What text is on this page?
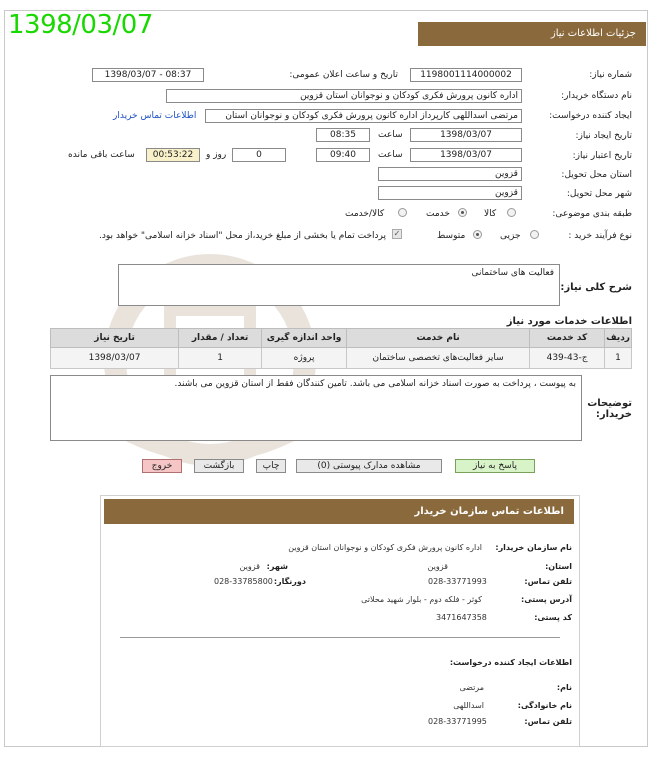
1398/03/07	جزئیات اطلاعات نیاز
شماره نیاز:
1198001114000002
تاریخ و ساعت اعلان عمومی:
1398/03/07 - 08:37
نام دستگاه خریدار:
اداره کانون پرورش فکری کودکان و نوجوانان استان قزوین
ایجاد کننده درخواست:
مرتضی اسداللهی کارپرداز اداره کانون پرورش فکری کودکان و نوجوانان استان
اطلاعات تماس خریدار
تاریخ ایجاد نیاز:
1398/03/07
ساعت
08:35
تاریخ اعتبار نیاز:
1398/03/07
ساعت
09:40
0
روز و
00:53:22
ساعت باقی مانده
استان محل تحویل:
قزوین
شهر محل تحویل:
قزوین
طبقه بندی موضوعی:
کالا
خدمت
کالا/خدمت
نوع فرآیند خرید :
جزیی
متوسط
✓
پرداخت تمام یا بخشی از مبلغ خرید،از محل "اسناد خزانه اسلامی" خواهد بود.
شرح کلی نیاز:
فعالیت های ساختمانی
اطلاعات خدمات مورد نیاز
ردیف	کد خدمت	نام خدمت	واحد اندازه گیری	تعداد / مقدار	تاریخ نیاز
1	ج-43-439	سایر فعالیت‌های تخصصی ساختمان	پروژه	1	1398/03/07
توضیحات خریدار:
به پیوست ، پرداخت به صورت اسناد خزانه اسلامی می باشد. تامین کنندگان فقط از استان قزوین می باشند.
پاسخ به نیاز
مشاهده مدارک پیوستی (0)
چاپ
بازگشت
خروج
اطلاعات تماس سازمان خریدار
نام سازمان خریدار:
اداره کانون پرورش فکری کودکان و نوجوانان استان قزوین
استان:
قزوین
شهر:
قزوین
تلفن تماس:
028-33771993
دورنگار:
028-33785800
آدرس پستی:
کوثر - فلکه دوم - بلوار شهید محلاتی
کد پستی:
3471647358
اطلاعات ایجاد کننده درخواست:
نام:
مرتضی
نام خانوادگی:
اسداللهی
تلفن تماس:
028-33771995
